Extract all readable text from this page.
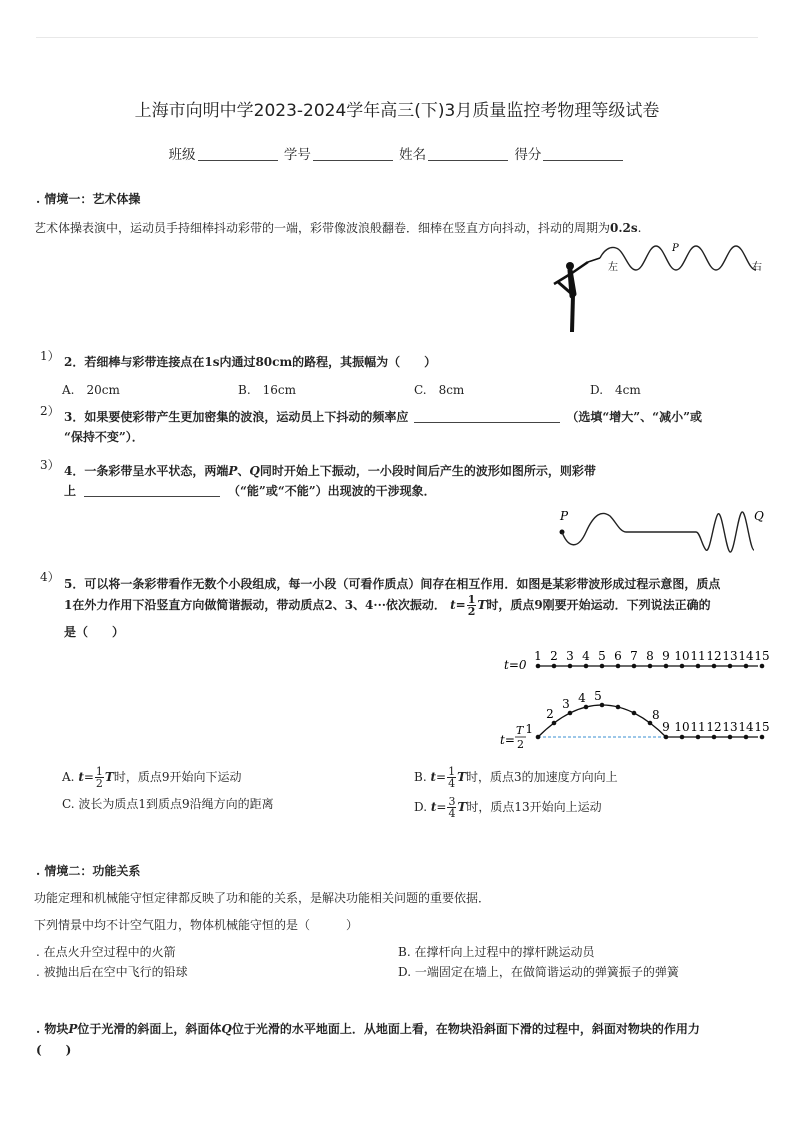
上海市向明中学2023-2024学年高三(下)3月质量监控考物理等级试卷
班级	学号	姓名	得分
. 情境一：艺术体操
艺术体操表演中，运动员手持细棒抖动彩带的一端，彩带像波浪般翻卷．细棒在竖直方向抖动，抖动的周期为0.2s.
左
P
右
1） 2．若细棒与彩带连接点在1s内通过80cm的路程，其振幅为（　　）
A.　20cm	B.　16cm	C.　8cm	D.　4cm
2） 3．如果要使彩带产生更加密集的波浪，运动员上下抖动的频率应	（选填“增大”、“减小”或
“保持不变”）．
3） 4．一条彩带呈水平状态，两端P、Q同时开始上下振动，一小段时间后产生的波形如图所示，则彩带
上	（“能”或“不能”）出现波的干涉现象．
P	Q
4） 5．可以将一条彩带看作无数个小段组成，每一小段（可看作质点）间存在相互作用．如图是某彩带波形成过程示意图，质点
1在外力作用下沿竖直方向做简谐振动，带动质点2、3、4···依次振动． $t= \frac{1}{2}$ T时，质点9刚要开始运动．下列说法正确的
是（　　）
t=0
1 2 3 4 5 6 7 8 9 10 11 12 13 14 15
t=
T
2
1
2
3 4 5
8
9 10 11 12 13 14 15
A. $t= \frac{1}{2}$ T时，质点9开始向下运动	B. $t= \frac{1}{4}$ T时，质点3的加速度方向向上
C. 波长为质点1到质点9沿绳方向的距离	D. $t= \frac{3}{4}$ T时，质点13开始向上运动
. 情境二：功能关系
功能定理和机械能守恒定律都反映了功和能的关系，是解决功能相关问题的重要依据．
下列情景中均不计空气阻力，物体机械能守恒的是（　　　）
. 在点火升空过程中的火箭	B. 在撑杆向上过程中的撑杆跳运动员
. 被抛出后在空中飞行的铅球	D. 一端固定在墙上，在做简谐运动的弹簧振子的弹簧
. 物块P位于光滑的斜面上，斜面体Q位于光滑的水平地面上．从地面上看，在物块沿斜面下滑的过程中，斜面对物块的作用力
(　　)
